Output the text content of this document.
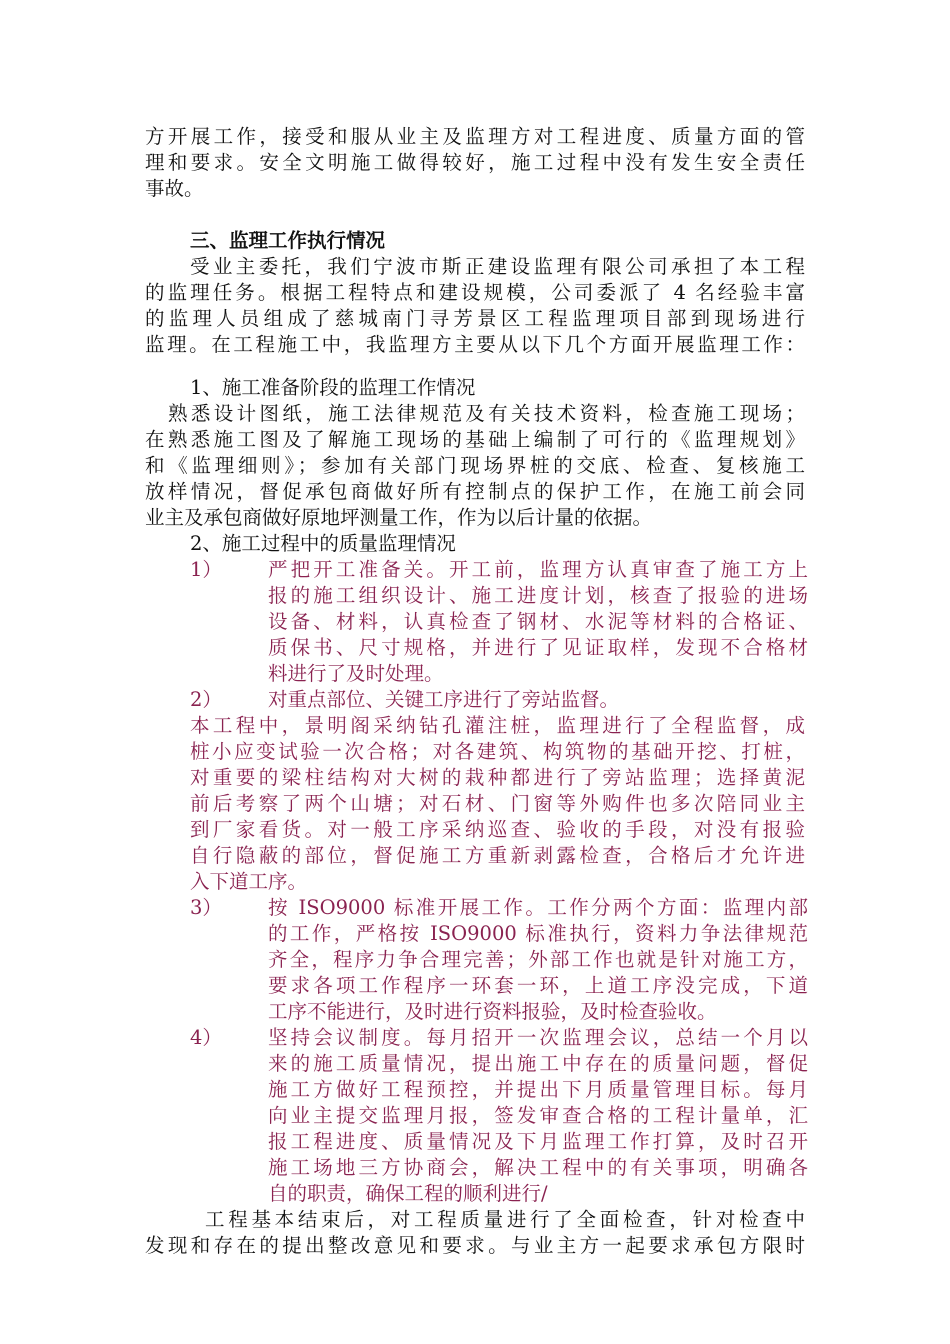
方开展工作，接受和服从业主及监理方对工程进度、质量方面的管
理和要求。安全文明施工做得较好，施工过程中没有发生安全责任
事故。
三、监理工作执行情况
受业主委托，我们宁波市斯正建设监理有限公司承担了本工程
的监理任务。根据工程特点和建设规模，公司委派了 4 名经验丰富
的监理人员组成了慈城南门寻芳景区工程监理项目部到现场进行
监理。在工程施工中，我监理方主要从以下几个方面开展监理工作：
1、施工准备阶段的监理工作情况
熟悉设计图纸，施工法律规范及有关技术资料，检查施工现场；
在熟悉施工图及了解施工现场的基础上编制了可行的《监理规划》
和《监理细则》；参加有关部门现场界桩的交底、检查、复核施工
放样情况，督促承包商做好所有控制点的保护工作，在施工前会同
业主及承包商做好原地坪测量工作，作为以后计量的依据。
2、施工过程中的质量监理情况
1） 严把开工准备关。开工前，监理方认真审查了施工方上
报的施工组织设计、施工进度计划，核查了报验的进场
设备、材料，认真检查了钢材、水泥等材料的合格证、
质保书、尺寸规格，并进行了见证取样，发现不合格材
料进行了及时处理。
2） 对重点部位、关键工序进行了旁站监督。
本工程中，景明阁采纳钻孔灌注桩，监理进行了全程监督，成
桩小应变试验一次合格；对各建筑、构筑物的基础开挖、打桩，
对重要的梁柱结构对大树的栽种都进行了旁站监理；选择黄泥
前后考察了两个山塘；对石材、门窗等外购件也多次陪同业主
到厂家看货。对一般工序采纳巡查、验收的手段，对没有报验
自行隐蔽的部位，督促施工方重新剥露检查，合格后才允许进
入下道工序。
3） 按 ISO9000 标准开展工作。工作分两个方面：监理内部
的工作，严格按 ISO9000 标准执行，资料力争法律规范
齐全，程序力争合理完善；外部工作也就是针对施工方，
要求各项工作程序一环套一环，上道工序没完成，下道
工序不能进行，及时进行资料报验，及时检查验收。
4） 坚持会议制度。每月招开一次监理会议，总结一个月以
来的施工质量情况，提出施工中存在的质量问题，督促
施工方做好工程预控，并提出下月质量管理目标。每月
向业主提交监理月报，签发审查合格的工程计量单，汇
报工程进度、质量情况及下月监理工作打算，及时召开
施工场地三方协商会，解决工程中的有关事项，明确各
自的职责，确保工程的顺利进行/
工程基本结束后，对工程质量进行了全面检查，针对检查中
发现和存在的提出整改意见和要求。与业主方一起要求承包方限时
